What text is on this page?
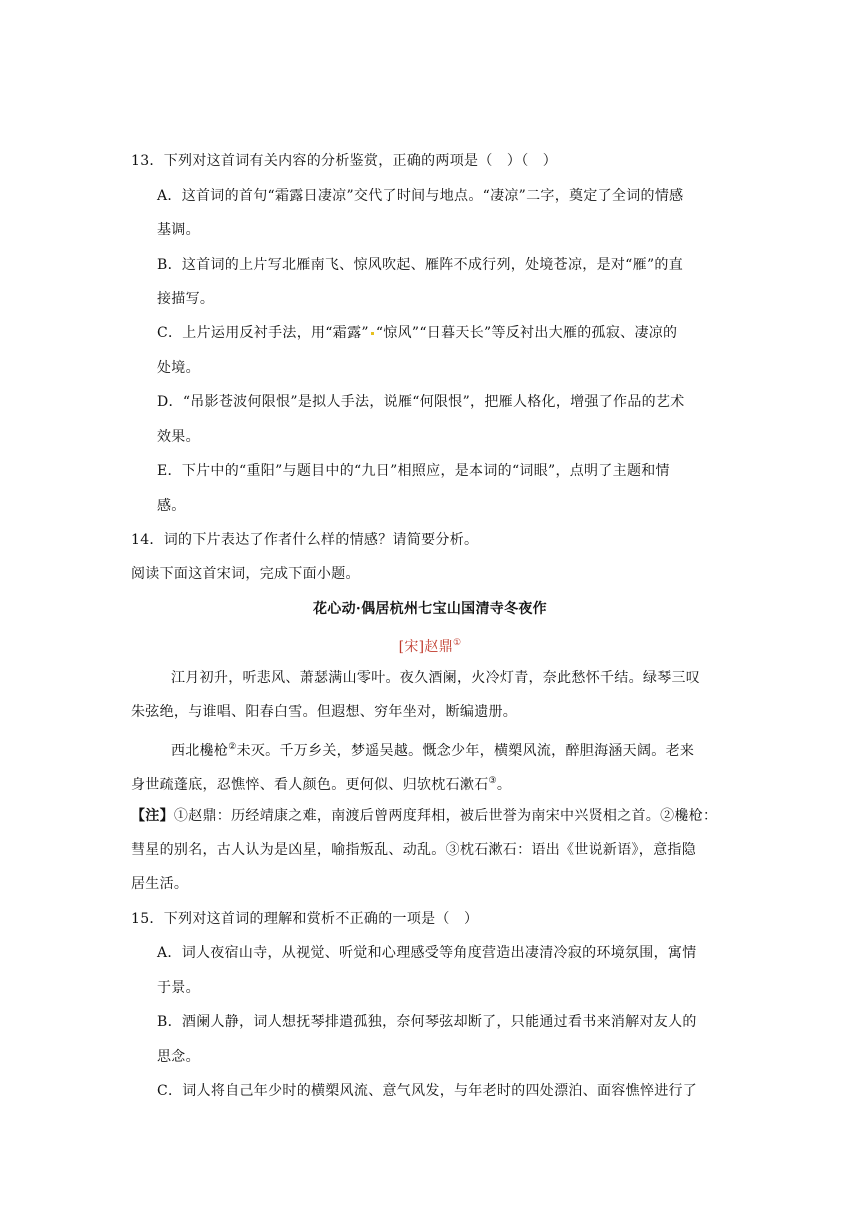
13．下列对这首词有关内容的分析鉴赏，正确的两项是（　）（　）
A．这首词的首句“霜露日凄凉”交代了时间与地点。“凄凉”二字，奠定了全词的情感
基调。
B．这首词的上片写北雁南飞、惊风吹起、雁阵不成行列，处境苍凉，是对“雁”的直
接描写。
C．上片运用反衬手法，用“霜露” “惊风”“日暮天长”等反衬出大雁的孤寂、凄凉的
处境。
D．“吊影苍波何限恨”是拟人手法，说雁“何限恨”，把雁人格化，增强了作品的艺术
效果。
E．下片中的“重阳”与题目中的“九日”相照应，是本词的“词眼”，点明了主题和情
感。
14．词的下片表达了作者什么样的情感？请简要分析。
阅读下面这首宋词，完成下面小题。
花心动·偶居杭州七宝山国清寺冬夜作
[宋]赵鼎①
江月初升，听悲风、萧瑟满山零叶。夜久酒阑，火冷灯青，奈此愁怀千结。绿琴三叹
朱弦绝，与谁唱、阳春白雪。但遐想、穷年坐对，断编遗册。
西北欃枪②未灭。千万乡关，梦遥吴越。慨念少年，横槊风流，醉胆海涵天阔。老来
身世疏蓬底，忍憔悴、看人颜色。更何似、归欤枕石漱石③。
【注】①赵鼎：历经靖康之难，南渡后曾两度拜相，被后世誉为南宋中兴贤相之首。②欃枪：
彗星的别名，古人认为是凶星，喻指叛乱、动乱。③枕石漱石：语出《世说新语》，意指隐
居生活。
15．下列对这首词的理解和赏析不正确的一项是（　）
A．词人夜宿山寺，从视觉、听觉和心理感受等角度营造出凄清冷寂的环境氛围，寓情
于景。
B．酒阑人静，词人想抚琴排遣孤独，奈何琴弦却断了，只能通过看书来消解对友人的
思念。
C．词人将自己年少时的横槊风流、意气风发，与年老时的四处漂泊、面容憔悴进行了
